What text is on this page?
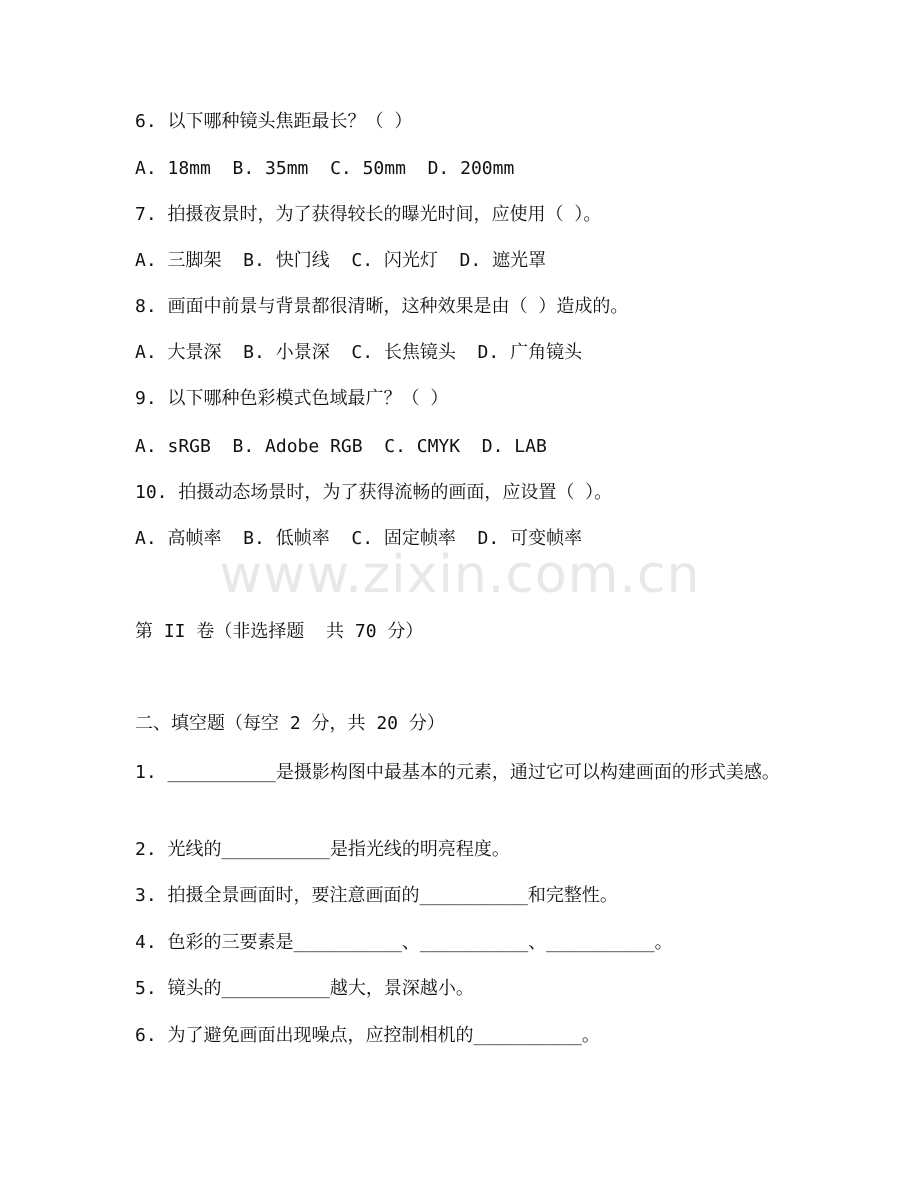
www.zixin.com.cn
6. 以下哪种镜头焦距最长？（ ）
A. 18mm  B. 35mm  C. 50mm  D. 200mm
7. 拍摄夜景时，为了获得较长的曝光时间，应使用（ ）。
A. 三脚架  B. 快门线  C. 闪光灯  D. 遮光罩
8. 画面中前景与背景都很清晰，这种效果是由（ ）造成的。
A. 大景深  B. 小景深  C. 长焦镜头  D. 广角镜头
9. 以下哪种色彩模式色域最广？（ ）
A. sRGB  B. Adobe RGB  C. CMYK  D. LAB
10. 拍摄动态场景时，为了获得流畅的画面，应设置（ ）。
A. 高帧率  B. 低帧率  C. 固定帧率  D. 可变帧率
第 II 卷（非选择题  共 70 分）
二、填空题（每空 2 分，共 20 分）
1. __________是摄影构图中最基本的元素，通过它可以构建画面的形式美感。
2. 光线的__________是指光线的明亮程度。
3. 拍摄全景画面时，要注意画面的__________和完整性。
4. 色彩的三要素是__________、__________、__________。
5. 镜头的__________越大，景深越小。
6. 为了避免画面出现噪点，应控制相机的__________。
